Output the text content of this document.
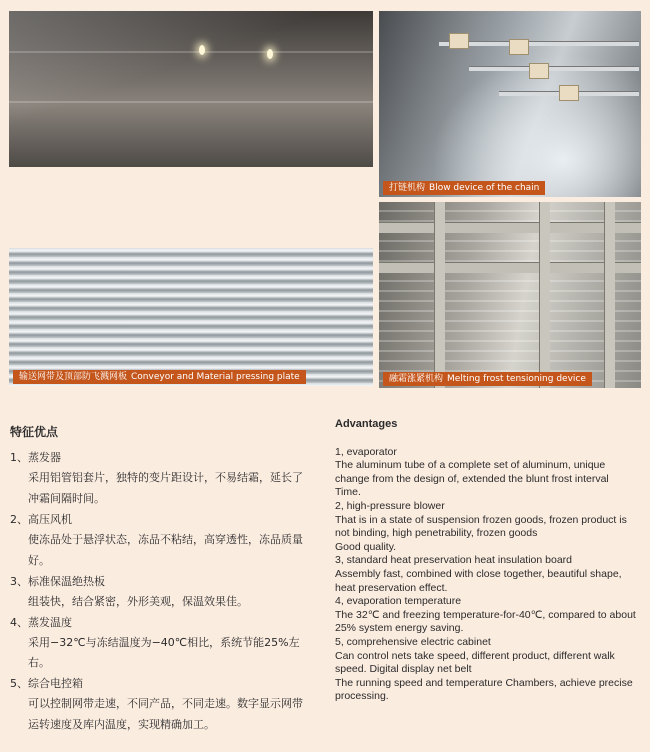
打链机构 Blow device of the chain
输送网带及顶部防飞溅网板 Conveyor and Material pressing plate	融霜涨紧机构 Melting frost tensioning device
特征优点

1、蒸发器

采用铝管铝套片，独特的变片距设计，不易结霜，延长了

冲霜间隔时间。

2、高压风机

使冻品处于悬浮状态，冻品不粘结，高穿透性，冻品质量

好。

3、标准保温绝热板

组装快，结合紧密，外形美观，保温效果佳。

4、蒸发温度

采用−32℃与冻结温度为−40℃相比，系统节能25%左右。

5、综合电控箱

可以控制网带走速，不同产品，不同走速。数字显示网带

运转速度及库内温度，实现精确加工。

Advantages

1, evaporator

The aluminum tube of a complete set of aluminum, unique

change from the design of, extended the blunt frost interval

Time.

2, high-pressure blower

That is in a state of suspension frozen goods, frozen product is

not binding, high penetrability, frozen goods

Good quality.

3, standard heat preservation heat insulation board

Assembly fast, combined with close together, beautiful shape,

heat preservation effect.

4, evaporation temperature

The 32℃ and freezing temperature-for-40℃, compared to about

25% system energy saving.

5, comprehensive electric cabinet

Can control nets take speed, different product, different walk

speed. Digital display net belt

The running speed and temperature Chambers, achieve precise

processing.
